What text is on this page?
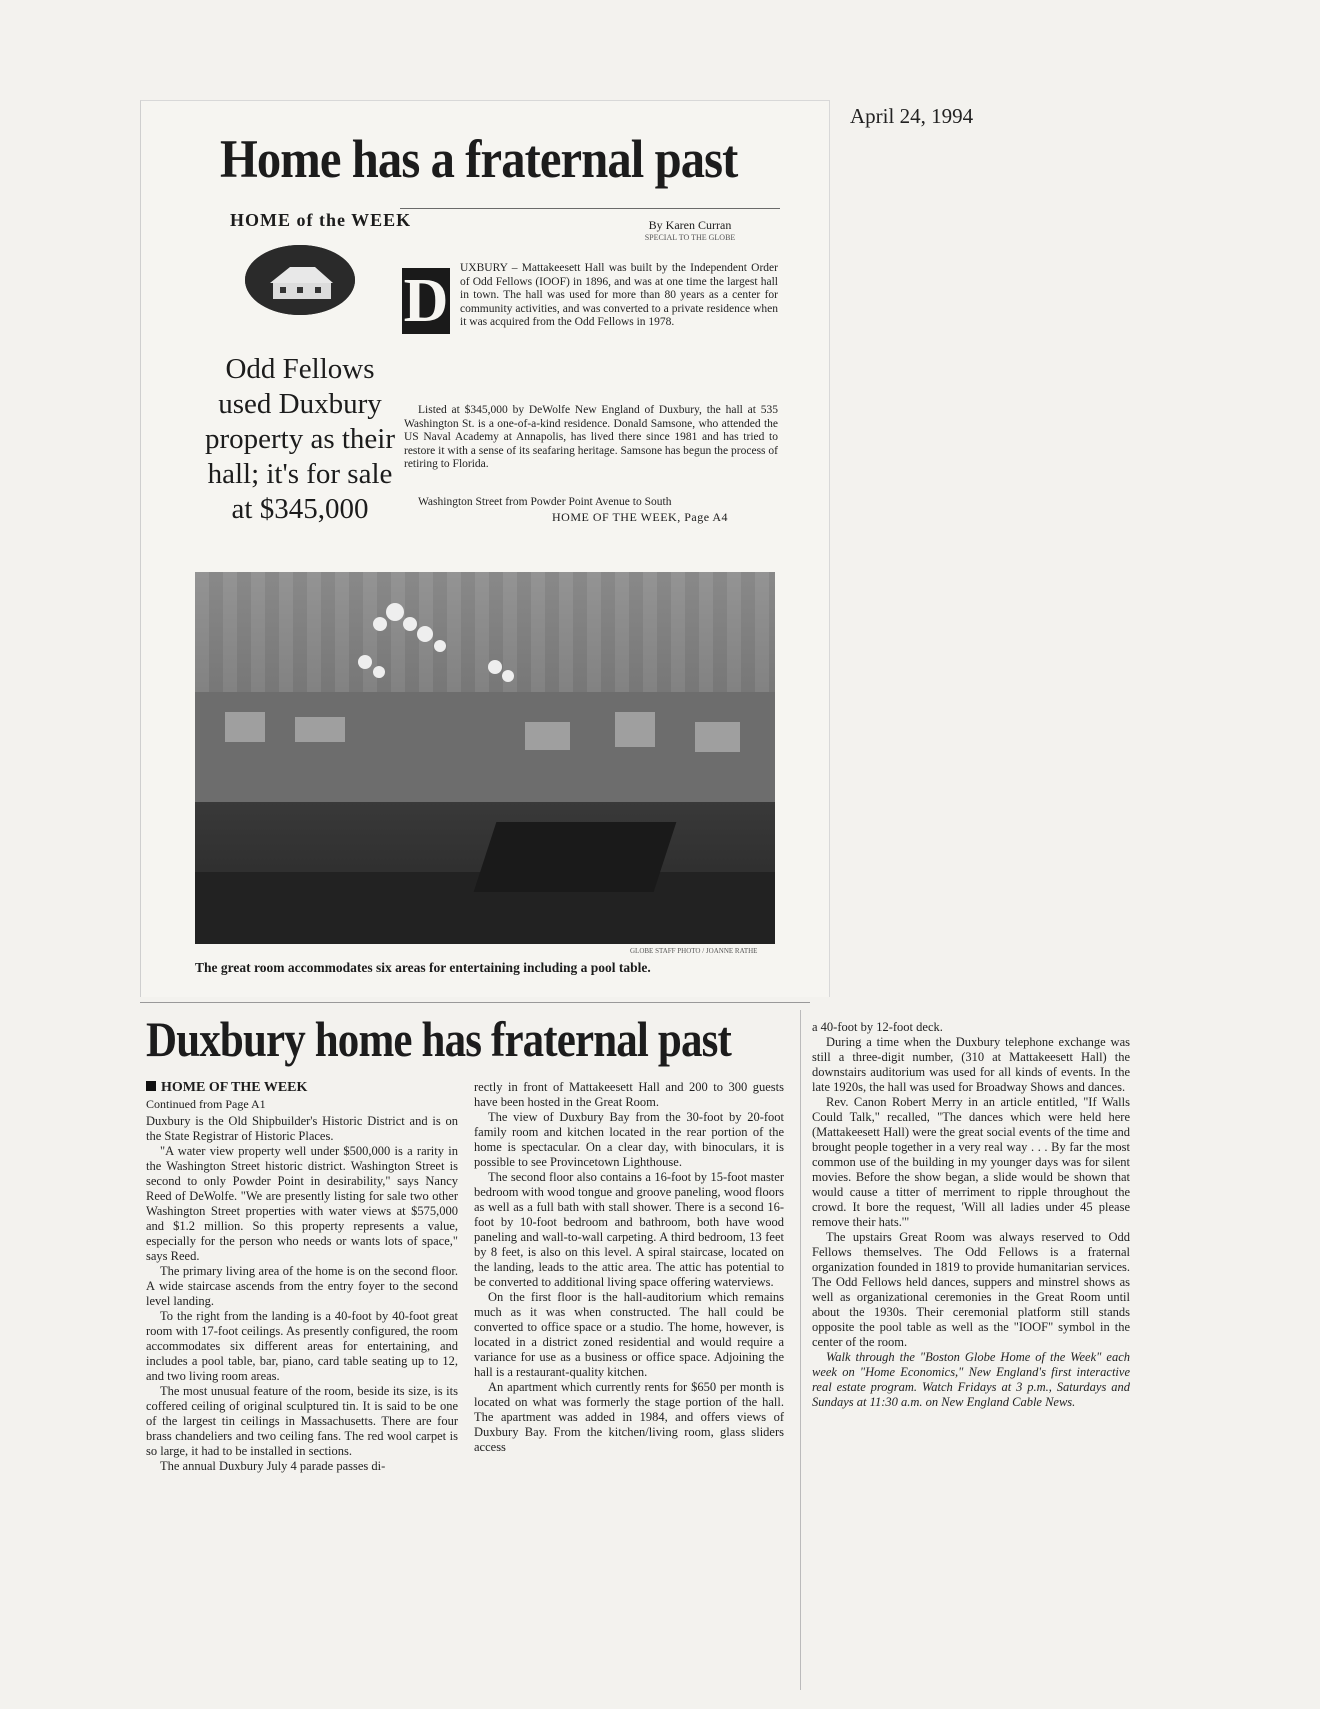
April 24, 1994
Home has a fraternal past
By Karen Curran
SPECIAL TO THE GLOBE
HOME of the WEEK
Odd Fellows used Duxbury property as their hall; it's for sale at $345,000
D UXBURY – Mattakeesett Hall was built by the Independent Order of Odd Fellows (IOOF) in 1896, and was at one time the largest hall in town. The hall was used for more than 80 years as a center for community activities, and was converted to a private residence when it was acquired from the Odd Fellows in 1978.
Listed at $345,000 by DeWolfe New England of Duxbury, the hall at 535 Washington St. is a one-of-a-kind residence. Donald Samsone, who attended the US Naval Academy at Annapolis, has lived there since 1981 and has tried to restore it with a sense of its seafaring heritage. Samsone has begun the process of retiring to Florida.
Washington Street from Powder Point Avenue to South
HOME OF THE WEEK, Page A4
GLOBE STAFF PHOTO / JOANNE RATHE
The great room accommodates six areas for entertaining including a pool table.
Duxbury home has fraternal past
HOME OF THE WEEK
Continued from Page A1

Duxbury is the Old Shipbuilder's Historic District and is on the State Registrar of Historic Places.

"A water view property well under $500,000 is a rarity in the Washington Street historic district. Washington Street is second to only Powder Point in desirability," says Nancy Reed of DeWolfe. "We are presently listing for sale two other Washington Street properties with water views at $575,000 and $1.2 million. So this property represents a value, especially for the person who needs or wants lots of space," says Reed.

The primary living area of the home is on the second floor. A wide staircase ascends from the entry foyer to the second level landing.

To the right from the landing is a 40-foot by 40-foot great room with 17-foot ceilings. As presently configured, the room accommodates six different areas for entertaining, and includes a pool table, bar, piano, card table seating up to 12, and two living room areas.

The most unusual feature of the room, beside its size, is its coffered ceiling of original sculptured tin. It is said to be one of the largest tin ceilings in Massachusetts. There are four brass chandeliers and two ceiling fans. The red wool carpet is so large, it had to be installed in sections.

The annual Duxbury July 4 parade passes di-

rectly in front of Mattakeesett Hall and 200 to 300 guests have been hosted in the Great Room.

The view of Duxbury Bay from the 30-foot by 20-foot family room and kitchen located in the rear portion of the home is spectacular. On a clear day, with binoculars, it is possible to see Provincetown Lighthouse.

The second floor also contains a 16-foot by 15-foot master bedroom with wood tongue and groove paneling, wood floors as well as a full bath with stall shower. There is a second 16-foot by 10-foot bedroom and bathroom, both have wood paneling and wall-to-wall carpeting. A third bedroom, 13 feet by 8 feet, is also on this level. A spiral staircase, located on the landing, leads to the attic area. The attic has potential to be converted to additional living space offering waterviews.

On the first floor is the hall-auditorium which remains much as it was when constructed. The hall could be converted to office space or a studio. The home, however, is located in a district zoned residential and would require a variance for use as a business or office space. Adjoining the hall is a restaurant-quality kitchen.

An apartment which currently rents for $650 per month is located on what was formerly the stage portion of the hall. The apartment was added in 1984, and offers views of Duxbury Bay. From the kitchen/living room, glass sliders access

a 40-foot by 12-foot deck.

During a time when the Duxbury telephone exchange was still a three-digit number, (310 at Mattakeesett Hall) the downstairs auditorium was used for all kinds of events. In the late 1920s, the hall was used for Broadway Shows and dances.

Rev. Canon Robert Merry in an article entitled, "If Walls Could Talk," recalled, "The dances which were held here (Mattakeesett Hall) were the great social events of the time and brought people together in a very real way . . . By far the most common use of the building in my younger days was for silent movies. Before the show began, a slide would be shown that would cause a titter of merriment to ripple throughout the crowd. It bore the request, 'Will all ladies under 45 please remove their hats.'"

The upstairs Great Room was always reserved to Odd Fellows themselves. The Odd Fellows is a fraternal organization founded in 1819 to provide humanitarian services. The Odd Fellows held dances, suppers and minstrel shows as well as organizational ceremonies in the Great Room until about the 1930s. Their ceremonial platform still stands opposite the pool table as well as the "IOOF" symbol in the center of the room.

Walk through the "Boston Globe Home of the Week" each week on "Home Economics," New England's first interactive real estate program. Watch Fridays at 3 p.m., Saturdays and Sundays at 11:30 a.m. on New England Cable News.
